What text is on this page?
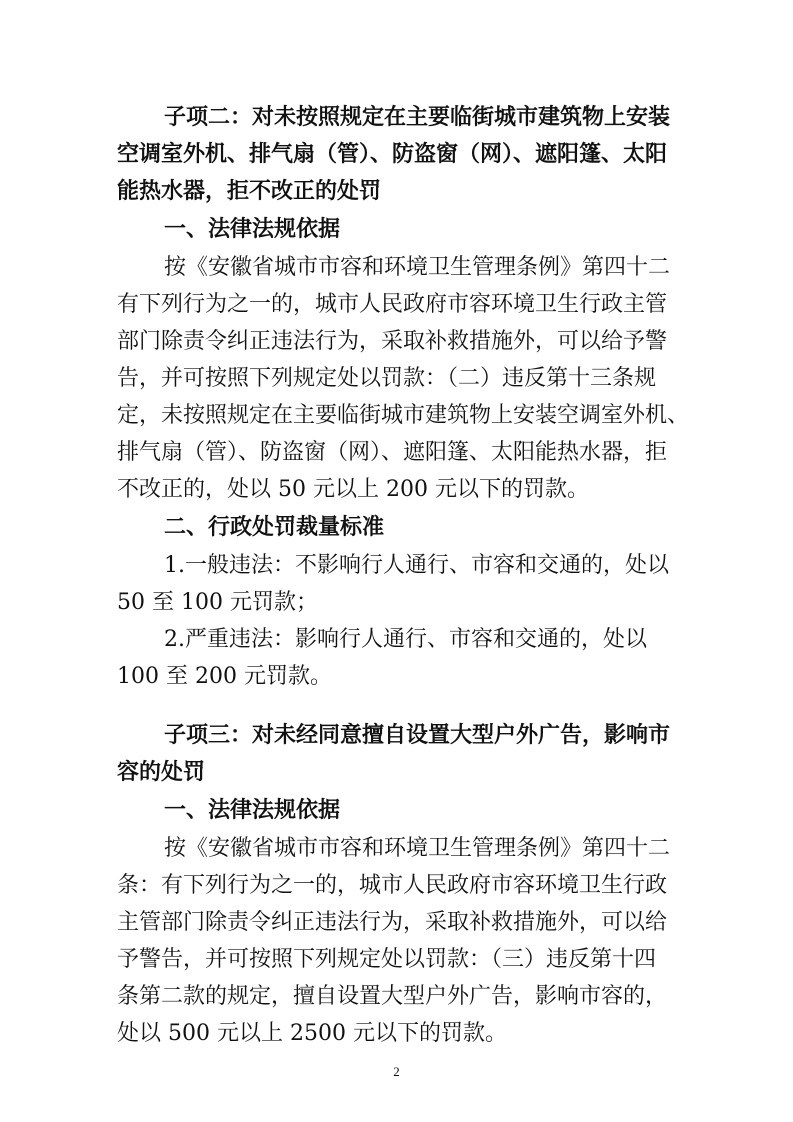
子项二：对未按照规定在主要临街城市建筑物上安装
空调室外机、排气扇（管）、防盗窗（网）、遮阳篷、太阳
能热水器，拒不改正的处罚
一、法律法规依据
按《安徽省城市市容和环境卫生管理条例》第四十二
有下列行为之一的，城市人民政府市容环境卫生行政主管
部门除责令纠正违法行为，采取补救措施外，可以给予警
告，并可按照下列规定处以罚款：（二）违反第十三条规
定，未按照规定在主要临街城市建筑物上安装空调室外机、
排气扇（管）、防盗窗（网）、遮阳篷、太阳能热水器，拒
不改正的，处以 50 元以上 200 元以下的罚款。
二、行政处罚裁量标准
1.一般违法：不影响行人通行、市容和交通的，处以
50 至 100 元罚款；
2.严重违法：影响行人通行、市容和交通的，处以
100 至 200 元罚款。
子项三：对未经同意擅自设置大型户外广告，影响市
容的处罚
一、法律法规依据
按《安徽省城市市容和环境卫生管理条例》第四十二
条：有下列行为之一的，城市人民政府市容环境卫生行政
主管部门除责令纠正违法行为，采取补救措施外，可以给
予警告，并可按照下列规定处以罚款：（三）违反第十四
条第二款的规定，擅自设置大型户外广告，影响市容的，
处以 500 元以上 2500 元以下的罚款。
2
